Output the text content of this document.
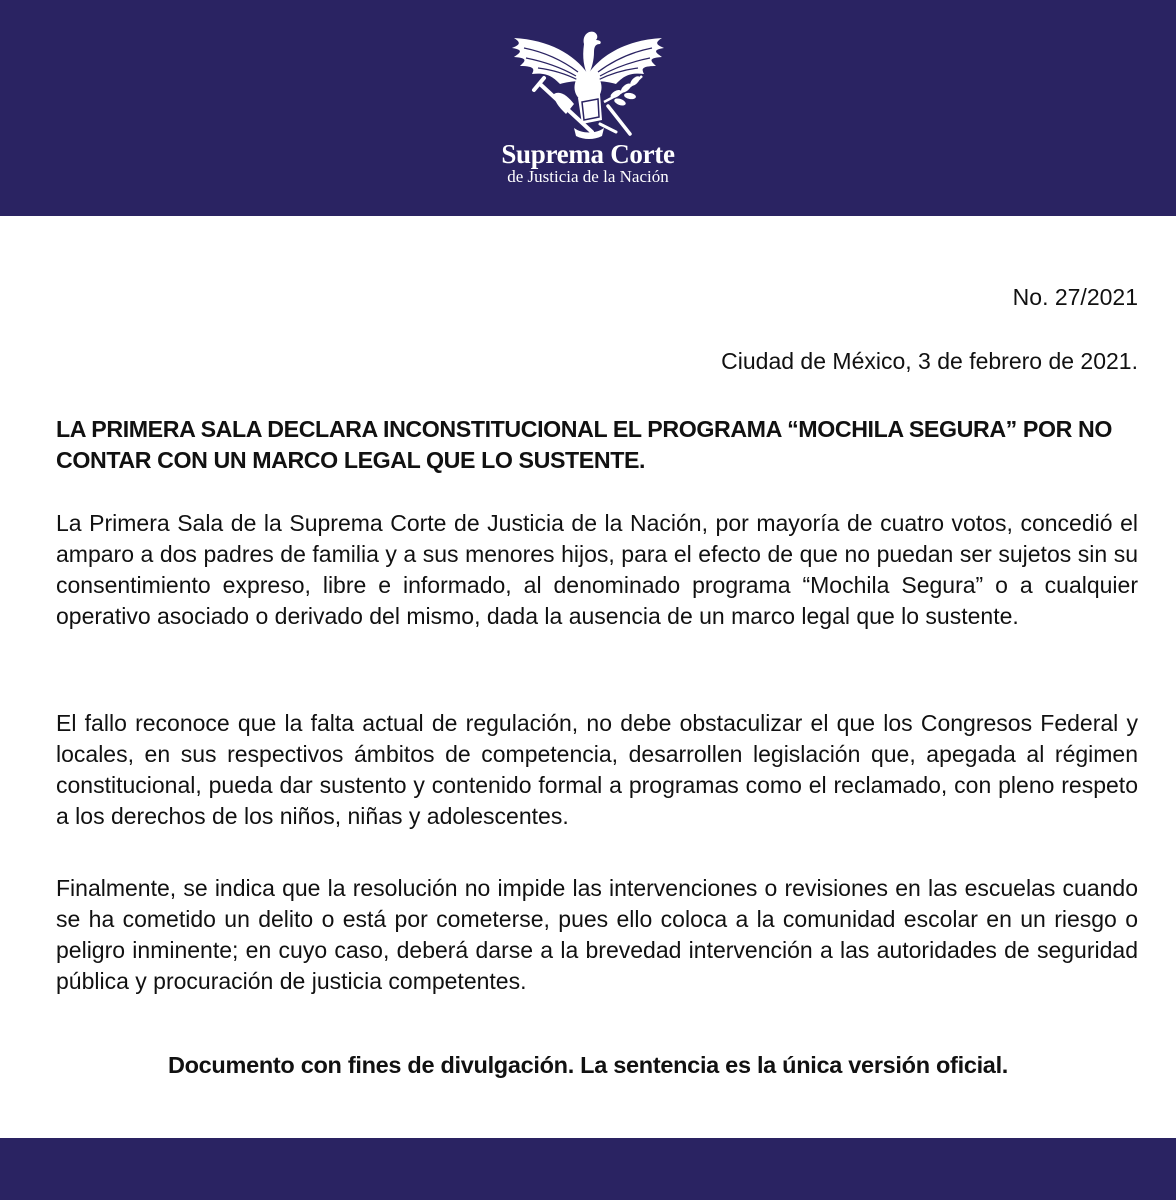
Suprema Corte
de Justicia de la Nación
No. 27/2021
Ciudad de México, 3 de febrero de 2021.
LA PRIMERA SALA DECLARA INCONSTITUCIONAL EL PROGRAMA “MOCHILA SEGURA” POR NO CONTAR CON UN MARCO LEGAL QUE LO SUSTENTE.

La Primera Sala de la Suprema Corte de Justicia de la Nación, por mayoría de cuatro votos, concedió el amparo a dos padres de familia y a sus menores hijos, para el efecto de que no puedan ser sujetos sin su consentimiento expreso, libre e informado, al denominado programa “Mochila Segura” o a cualquier operativo asociado o derivado del mismo, dada la ausencia de un marco legal que lo sustente.

El fallo reconoce que la falta actual de regulación, no debe obstaculizar el que los Congresos Federal y locales, en sus respectivos ámbitos de competencia, desarrollen legislación que, apegada al régimen constitucional, pueda dar sustento y contenido formal a programas como el reclamado, con pleno respeto a los derechos de los niños, niñas y adolescentes.

Finalmente, se indica que la resolución no impide las intervenciones o revisiones en las escuelas cuando se ha cometido un delito o está por cometerse, pues ello coloca a la comunidad escolar en un riesgo o peligro inminente; en cuyo caso, deberá darse a la brevedad intervención a las autoridades de seguridad pública y procuración de justicia competentes.

Documento con fines de divulgación. La sentencia es la única versión oficial.
